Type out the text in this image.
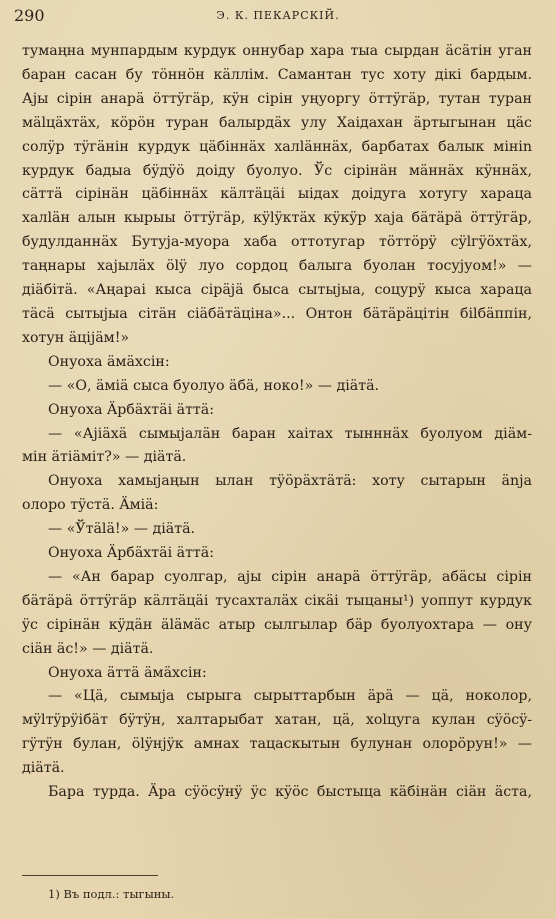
290	Э. К. ПЕКАРСКІЙ.
тумаңна мунпардым курдук оннубар хара тыа сырдан äсäтін уган
баран сасан бу тöннöн кäллім. Самантан тус хоту дікі бардым.
Аjы сірін анарä öттÿгäр, кÿн сірін уңуоргу öттÿгäр, тутан туран
мälцäхтäх, кöрöн туран балырдäх улу Хаідахан äртыгынан цäс
солÿр тÿгäнін курдук цäбіннäх халläннäх, барбатах балык мініn
курдук бадыа бÿдÿö доіду буолуо. Ўс сірінäн мäннäх кÿннäх,
сäттä сірінäн цäбіннäх кäлтäцäi ыідах доідуга хотугу хараца
халläн алын кырыы öттÿгäр, кÿlÿктäх кÿкÿр хаjа бäтäрä öттÿгäр,
будулданнäх Бутуjа-муора хаба оттотугар тöттöрÿ сÿlгÿöхтäх,
таңнары хаjылäх ölÿ луо сордоц балыга буолан тосуjуом!» —
дiäбiтä. «Аңарaі кыса сірäjä быса сытыjыа, соцурÿ кыса хараца
тäсä сытыjыа сітäн сiäбäтäціна»... Онтон бäтäрäцітін біlбäппін,
хотун äцijäм!»
Онуоха äмäхсін:
— «О, äміä сыса буолуо äбä, ноко!» — діäтä.
Онуоха Äрбäхтäі äттä:
— «Аjiäхä сымыjалäн баран хаітах тынннäх буолуом діäм-
мін äтiäмiт?» — діäтä.
Онуоха хамыjаңын ылан тÿöрäхтäтä: хоту сытарын änjа
олоро тÿстä. Äміä:
— «Ўтälä!» — діäтä.
Онуоха Äрбäхтäі äттä:
— «Ан барар суолгар, аjы сірін анарä öттÿгäр, абäсы сірін
бäтäрä öттÿгäр кäлтäцäi тусахталäх сікäi тыцаны¹) уоппут курдук
ÿс сірінäн кÿдäн äläмäс атыр сылгылар бäр буолуохтара — ону
сіäн äс!» — діäтä.
Онуоха äттä äмäхсін:
— «Цä, сымыjа сырыга сырыттарбын äрä — цä, ноколор,
мÿlтÿрÿiбäт бÿтÿн, халтарыбат хатан, цä, хоlцуга кулан сÿöсÿ-
гÿтÿн булан, ölÿнjÿк амнах тацаскытын булунан олорöрун!» —
діäтä.
Бара турда. Äра сÿöсÿнÿ ÿс кÿöс быстыца кäбiнäн сіäн äста,
1) Въ подл.: тыгыны.
